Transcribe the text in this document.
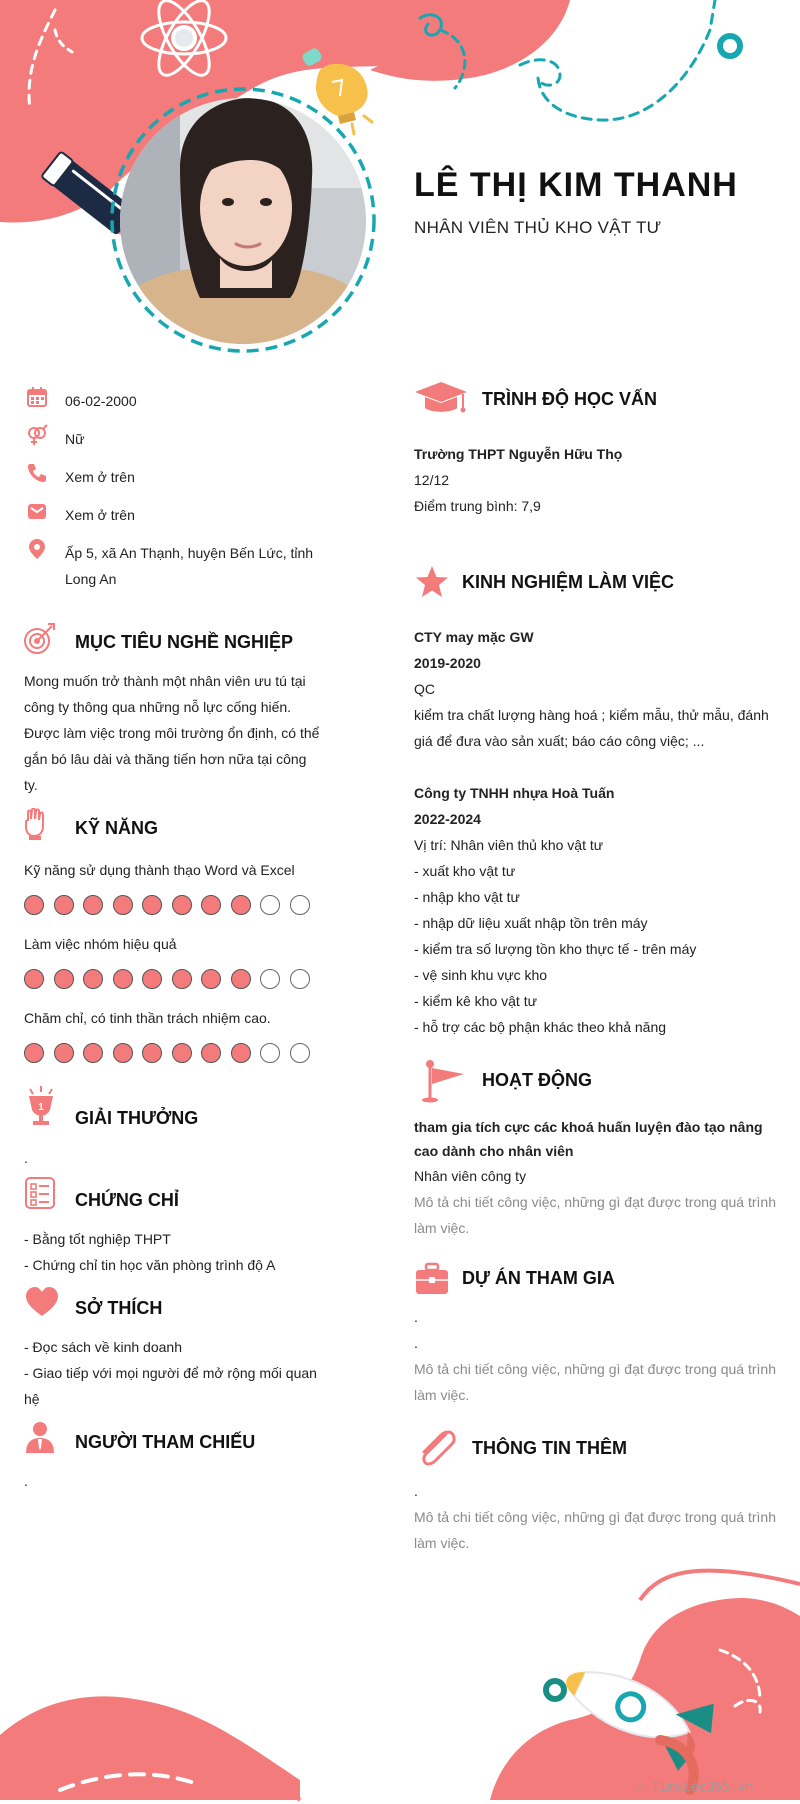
LÊ THỊ KIM THANH
NHÂN VIÊN THỦ KHO VẬT TƯ
06-02-2000
Nữ
Xem ở trên
Xem ở trên
Ấp 5, xã An Thạnh, huyện Bến Lức, tỉnh Long An
MỤC TIÊU NGHỀ NGHIỆP
Mong muốn trở thành một nhân viên ưu tú tại công ty thông qua những nỗ lực cống hiến. Được làm việc trong môi trường ổn định, có thể gắn bó lâu dài và thăng tiến hơn nữa tại công ty.
KỸ NĂNG
Kỹ năng sử dụng thành thạo Word và Excel
Làm việc nhóm hiệu quả
Chăm chỉ, có tinh thần trách nhiệm cao.
1
GIẢI THƯỞNG
.
CHỨNG CHỈ
- Bằng tốt nghiệp THPT
- Chứng chỉ tin học văn phòng trình độ A
SỞ THÍCH
- Đọc sách về kinh doanh
- Giao tiếp với mọi người để mở rộng mối quan hệ
NGƯỜI THAM CHIẾU
.
TRÌNH ĐỘ HỌC VẤN
Trường THPT Nguyễn Hữu Thọ
12/12
Điểm trung bình: 7,9
KINH NGHIỆM LÀM VIỆC
CTY may mặc GW
2019-2020
QC
kiểm tra chất lượng hàng hoá ; kiểm mẫu, thử mẫu, đánh giá để đưa vào sản xuất; báo cáo công việc; ...
Công ty TNHH nhựa Hoà Tuấn
2022-2024
Vị trí: Nhân viên thủ kho vật tư
- xuất kho vật tư
- nhập kho vật tư
- nhập dữ liệu xuất nhập tồn trên máy
- kiểm tra số lượng tồn kho thực tế - trên máy
- vệ sinh khu vực kho
- kiểm kê kho vật tư
- hỗ trợ các bộ phận khác theo khả năng
HOẠT ĐỘNG
tham gia tích cực các khoá huấn luyện đào tạo nâng cao dành cho nhân viên
Nhân viên công ty
Mô tả chi tiết công việc, những gì đạt được trong quá trình làm việc.
DỰ ÁN THAM GIA
.
.
Mô tả chi tiết công việc, những gì đạt được trong quá trình làm việc.
THÔNG TIN THÊM
.
Mô tả chi tiết công việc, những gì đạt được trong quá trình làm việc.
∴ Timviec365.vn
